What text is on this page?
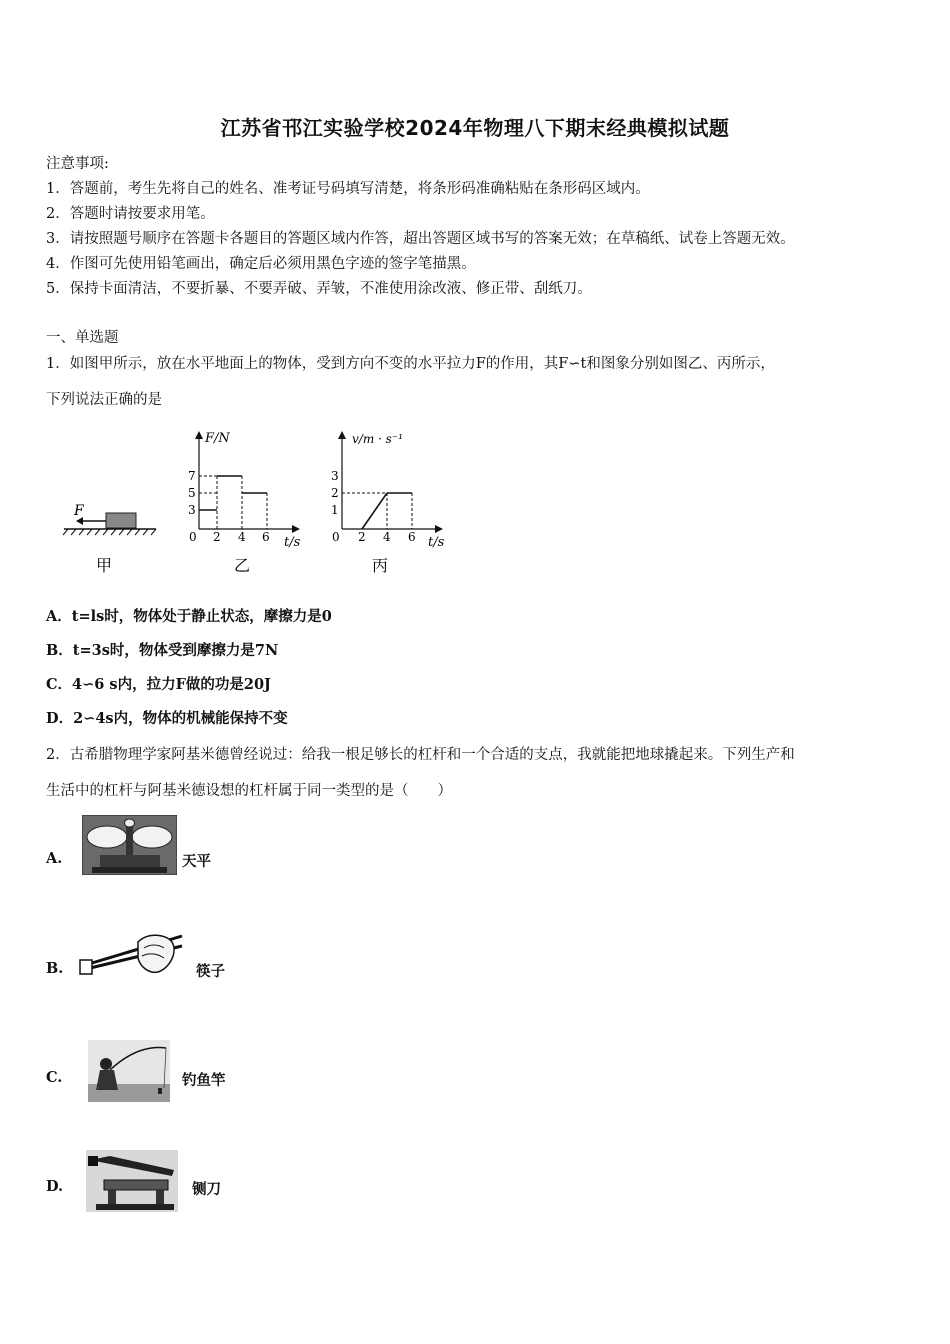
江苏省邗江实验学校2024年物理八下期末经典模拟试题
注意事项:
1．答题前，考生先将自己的姓名、准考证号码填写清楚，将条形码准确粘贴在条形码区域内。
2．答题时请按要求用笔。
3．请按照题号顺序在答题卡各题目的答题区域内作答，超出答题区域书写的答案无效；在草稿纸、试卷上答题无效。
4．作图可先使用铅笔画出，确定后必须用黑色字迹的签字笔描黑。
5．保持卡面清洁，不要折暴、不要弄破、弄皱，不准使用涂改液、修正带、刮纸刀。
一、单选题
1．如图甲所示，放在水平地面上的物体，受到方向不变的水平拉力F的作用，其F∽t和图象分别如图乙、丙所示，
下列说法正确的是
F
甲
F/N
t/s
7
5
3
0 2 4 6
乙
v/m · s⁻¹
t/s
3
2
1
0 2 4 6
丙
A．t=ls时，物体处于静止状态，摩擦力是0
B．t=3s时，物体受到摩擦力是7N
C．4∽6 s内，拉力F做的功是20J
D．2∽4s内，物体的机械能保持不变
2．古希腊物理学家阿基米德曾经说过：给我一根足够长的杠杆和一个合适的支点，我就能把地球撬起来。下列生产和
生活中的杠杆与阿基米德设想的杠杆属于同一类型的是（　　）
A.	天平
B.	筷子
C.	钓鱼竿
D.	铡刀
